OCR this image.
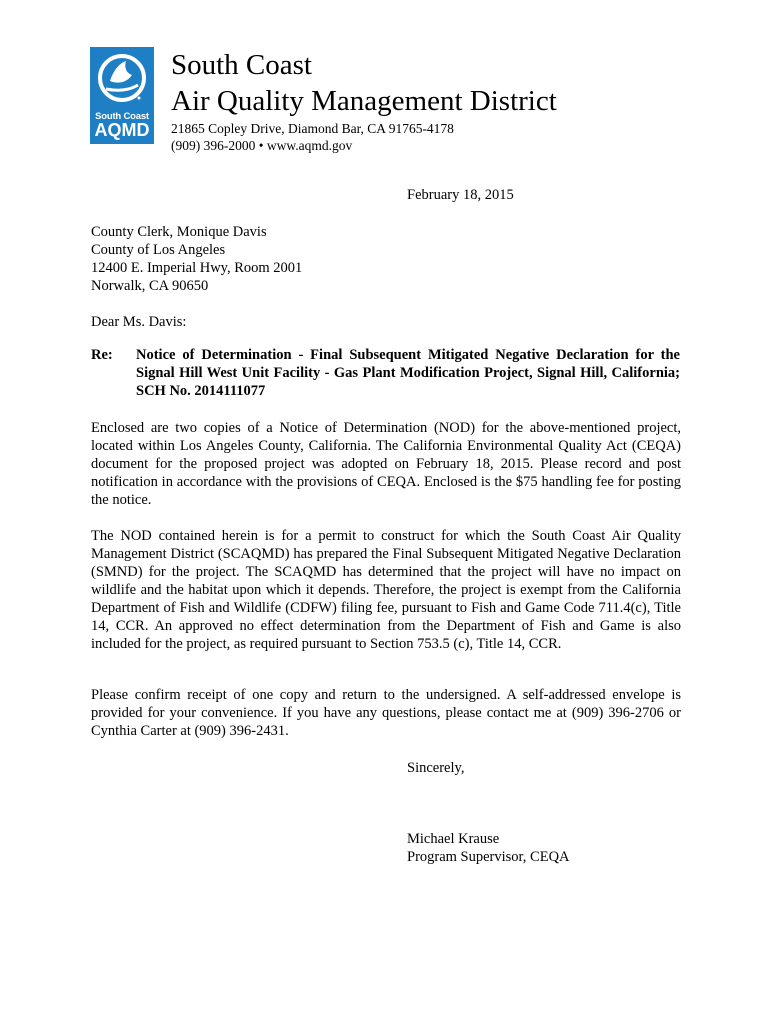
South Coast
AQMD
South Coast
Air Quality Management District
21865 Copley Drive, Diamond Bar, CA 91765-4178
(909) 396-2000 • www.aqmd.gov
February 18, 2015
County Clerk, Monique Davis
County of Los Angeles
12400 E. Imperial Hwy, Room 2001
Norwalk, CA 90650
Dear Ms. Davis:
Re: Notice of Determination - Final Subsequent Mitigated Negative Declaration for the Signal Hill West Unit Facility - Gas Plant Modification Project, Signal Hill, California; SCH No. 2014111077
Enclosed are two copies of a Notice of Determination (NOD) for the above-mentioned project, located within Los Angeles County, California. The California Environmental Quality Act (CEQA) document for the proposed project was adopted on February 18, 2015. Please record and post notification in accordance with the provisions of CEQA. Enclosed is the $75 handling fee for posting the notice.
The NOD contained herein is for a permit to construct for which the South Coast Air Quality Management District (SCAQMD) has prepared the Final Subsequent Mitigated Negative Declaration (SMND) for the project. The SCAQMD has determined that the project will have no impact on wildlife and the habitat upon which it depends. Therefore, the project is exempt from the California Department of Fish and Wildlife (CDFW) filing fee, pursuant to Fish and Game Code 711.4(c), Title 14, CCR. An approved no effect determination from the Department of Fish and Game is also included for the project, as required pursuant to Section 753.5 (c), Title 14, CCR.
Please confirm receipt of one copy and return to the undersigned. A self-addressed envelope is provided for your convenience. If you have any questions, please contact me at (909) 396-2706 or Cynthia Carter at (909) 396-2431.
Sincerely,
Michael Krause
Program Supervisor, CEQA
